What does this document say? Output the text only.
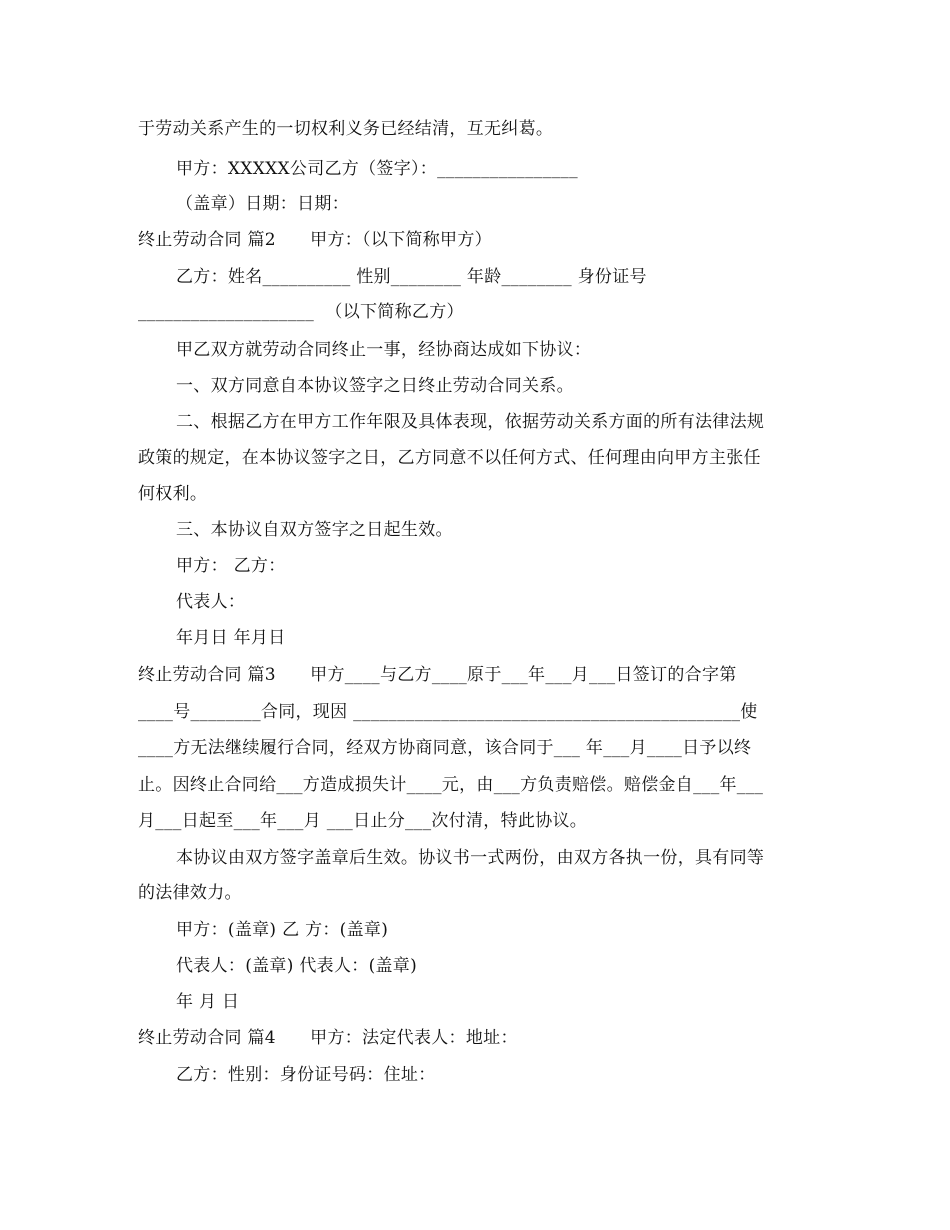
于劳动关系产生的一切权利义务已经结清，互无纠葛。
甲方：XXXXX公司乙方（签字）：________________
（盖章）日期：日期：
终止劳动合同 篇2      甲方：（以下简称甲方）
乙方：姓名__________ 性别________ 年龄________ 身份证号
____________________  （以下简称乙方）
甲乙双方就劳动合同终止一事，经协商达成如下协议：
一、双方同意自本协议签字之日终止劳动合同关系。
二、根据乙方在甲方工作年限及具体表现，依据劳动关系方面的所有法律法规
政策的规定，在本协议签字之日，乙方同意不以任何方式、任何理由向甲方主张任
何权利。
三、本协议自双方签字之日起生效。
甲方： 乙方：
代表人：
年月日 年月日
终止劳动合同 篇3      甲方____与乙方____原于___年___月___日签订的合字第
____号________合同，现因 ____________________________________________使
____方无法继续履行合同，经双方协商同意，该合同于___ 年___月____日予以终
止。因终止合同给___方造成损失计____元，由___方负责赔偿。赔偿金自___年___
月___日起至___年___月 ___日止分___次付清，特此协议。
本协议由双方签字盖章后生效。协议书一式两份，由双方各执一份，具有同等
的法律效力。
甲方：(盖章) 乙 方：(盖章)
代表人：(盖章) 代表人：(盖章)
年 月 日
终止劳动合同 篇4      甲方：法定代表人：地址：
乙方：性别：身份证号码：住址：
